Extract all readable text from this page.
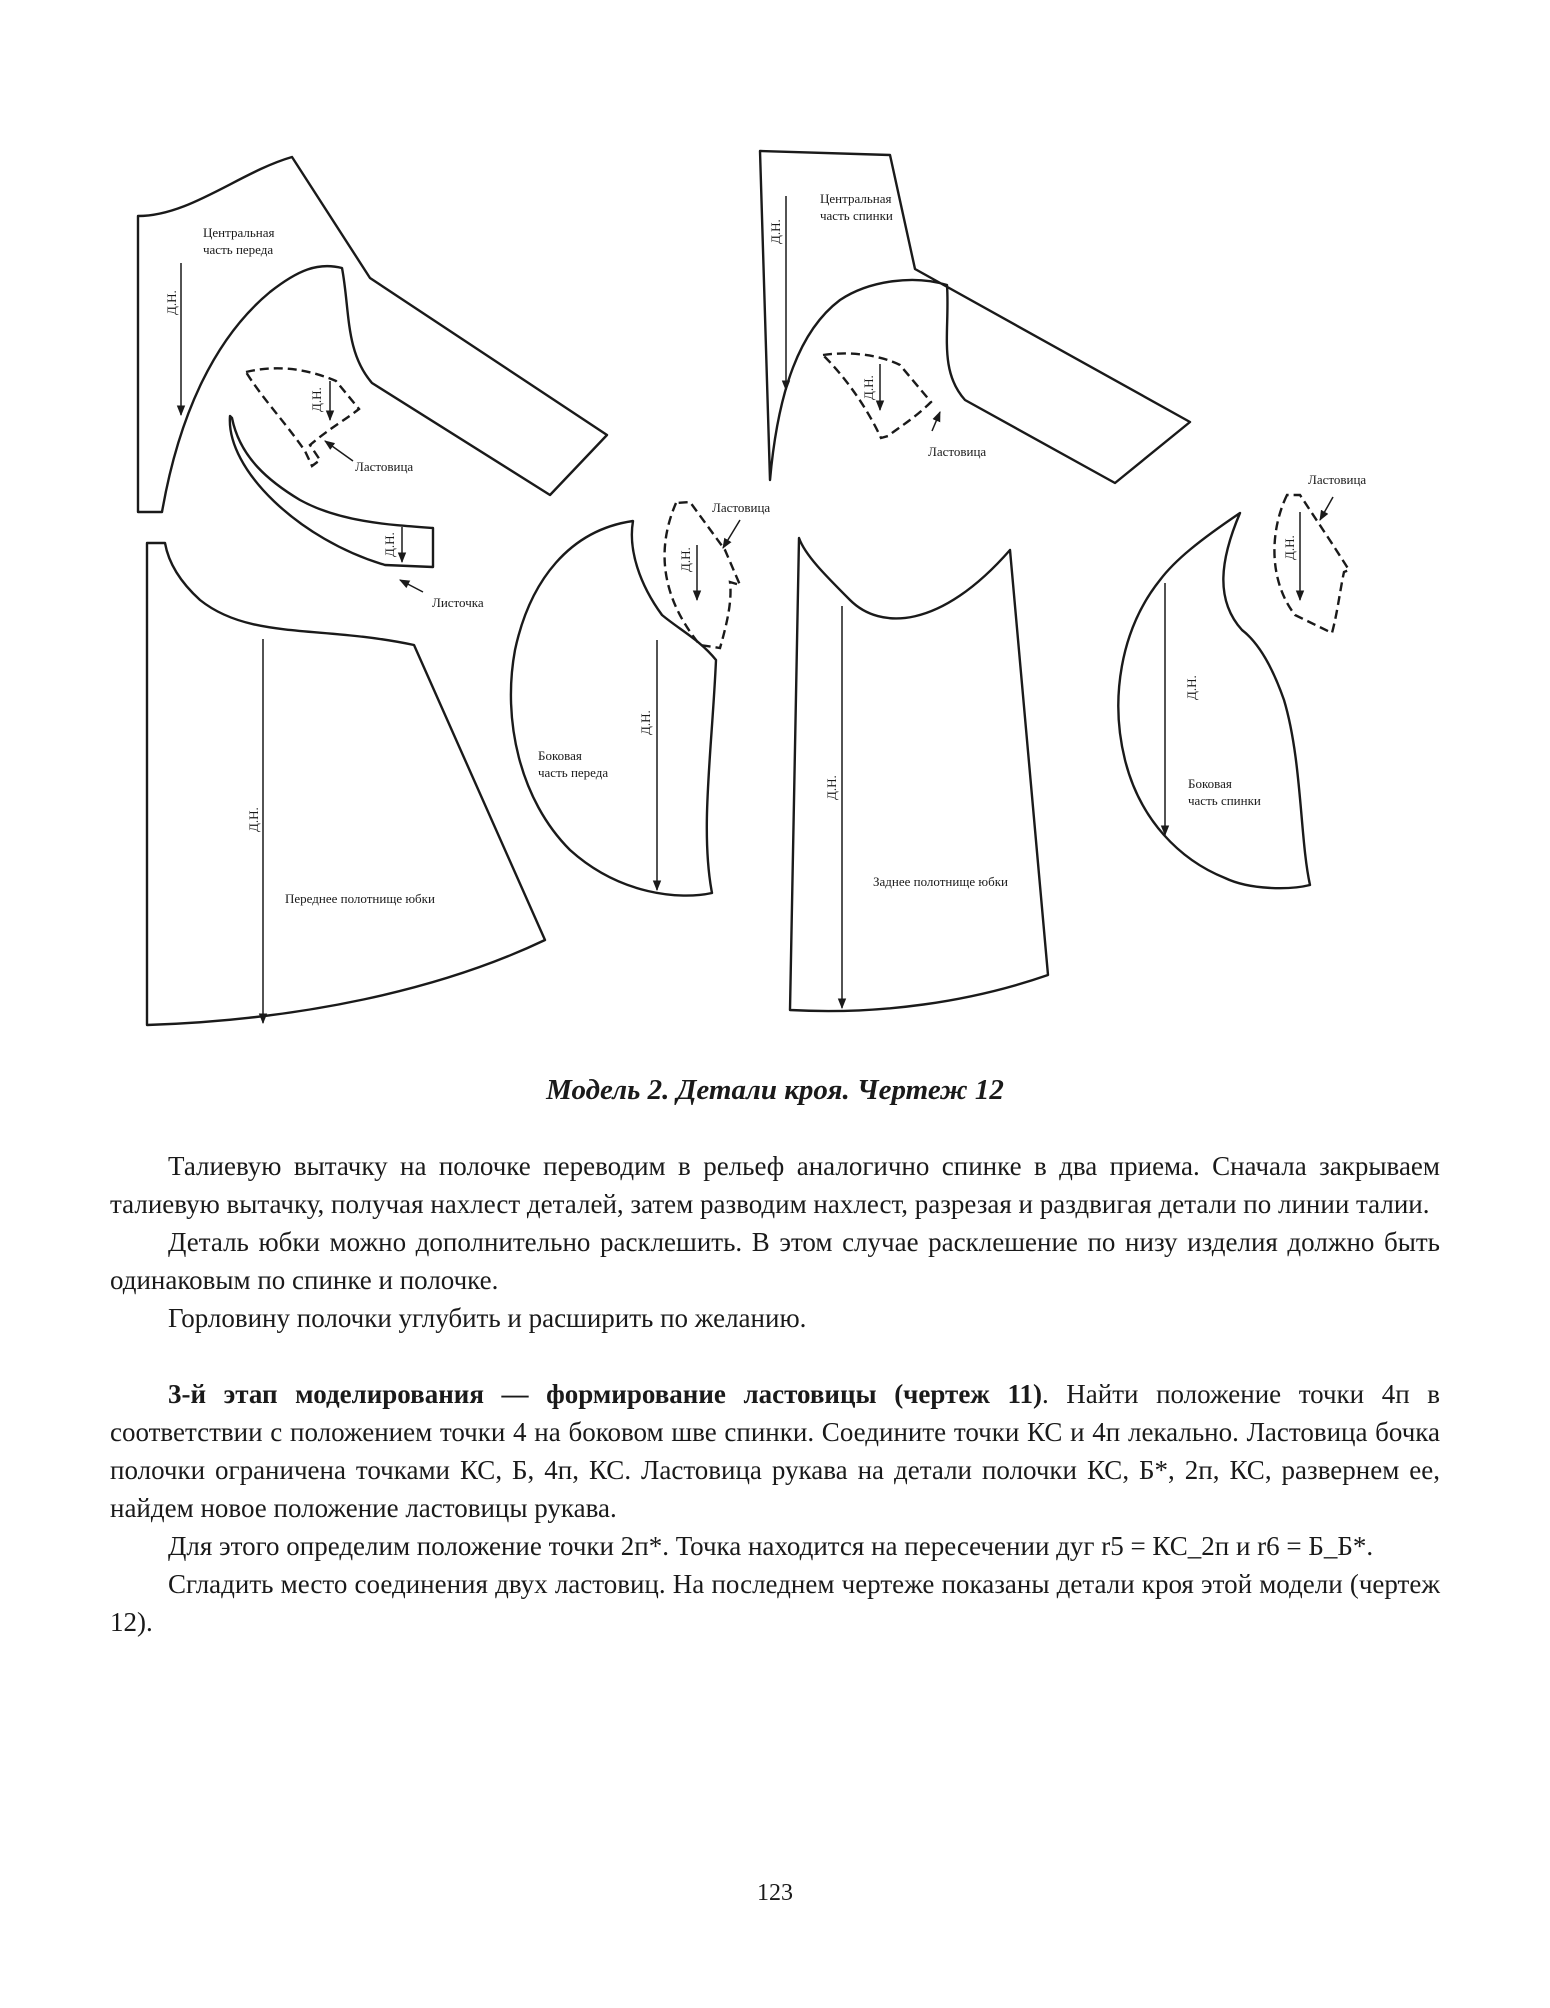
Д.Н.
Центральная
часть переда
Д.Н.
Ластовица
Д.Н.
Листочка
Д.Н.
Переднее полотнище юбки
Д.Н.
Боковая
часть переда
Д.Н.
Ластовица
Д.Н.
Центральная
часть спинки
Д.Н.
Ластовица
Д.Н.
Заднее полотнище юбки
Д.Н.
Боковая
часть спинки
Д.Н.
Ластовица
Модель 2. Детали кроя. Чертеж 12

Талиевую вытачку на полочке переводим в рельеф аналогично спинке в два приема. Сначала закрываем талиевую вытачку, получая нахлест деталей, затем разводим нахлест, разрезая и раздвигая детали по линии талии.

Деталь юбки можно дополнительно расклешить. В этом случае расклешение по низу изделия должно быть одинаковым по спинке и полочке.

Горловину полочки углубить и расширить по желанию.

3-й этап моделирования — формирование ластовицы (чертеж 11). Найти положение точки 4п в соответствии с положением точки 4 на боковом шве спинки. Соедините точки КС и 4п лекально. Ластовица бочка полочки ограничена точками КС, Б, 4п, КС. Ластовица рукава на детали полочки КС, Б*, 2п, КС, развернем ее, найдем новое положение ластовицы рукава.

Для этого определим положение точки 2п*. Точка находится на пересечении дуг r5 = КС_2п и r6 = Б_Б*.

Сгладить место соединения двух ластовиц. На последнем чертеже показаны детали кроя этой модели (чертеж 12).

123
